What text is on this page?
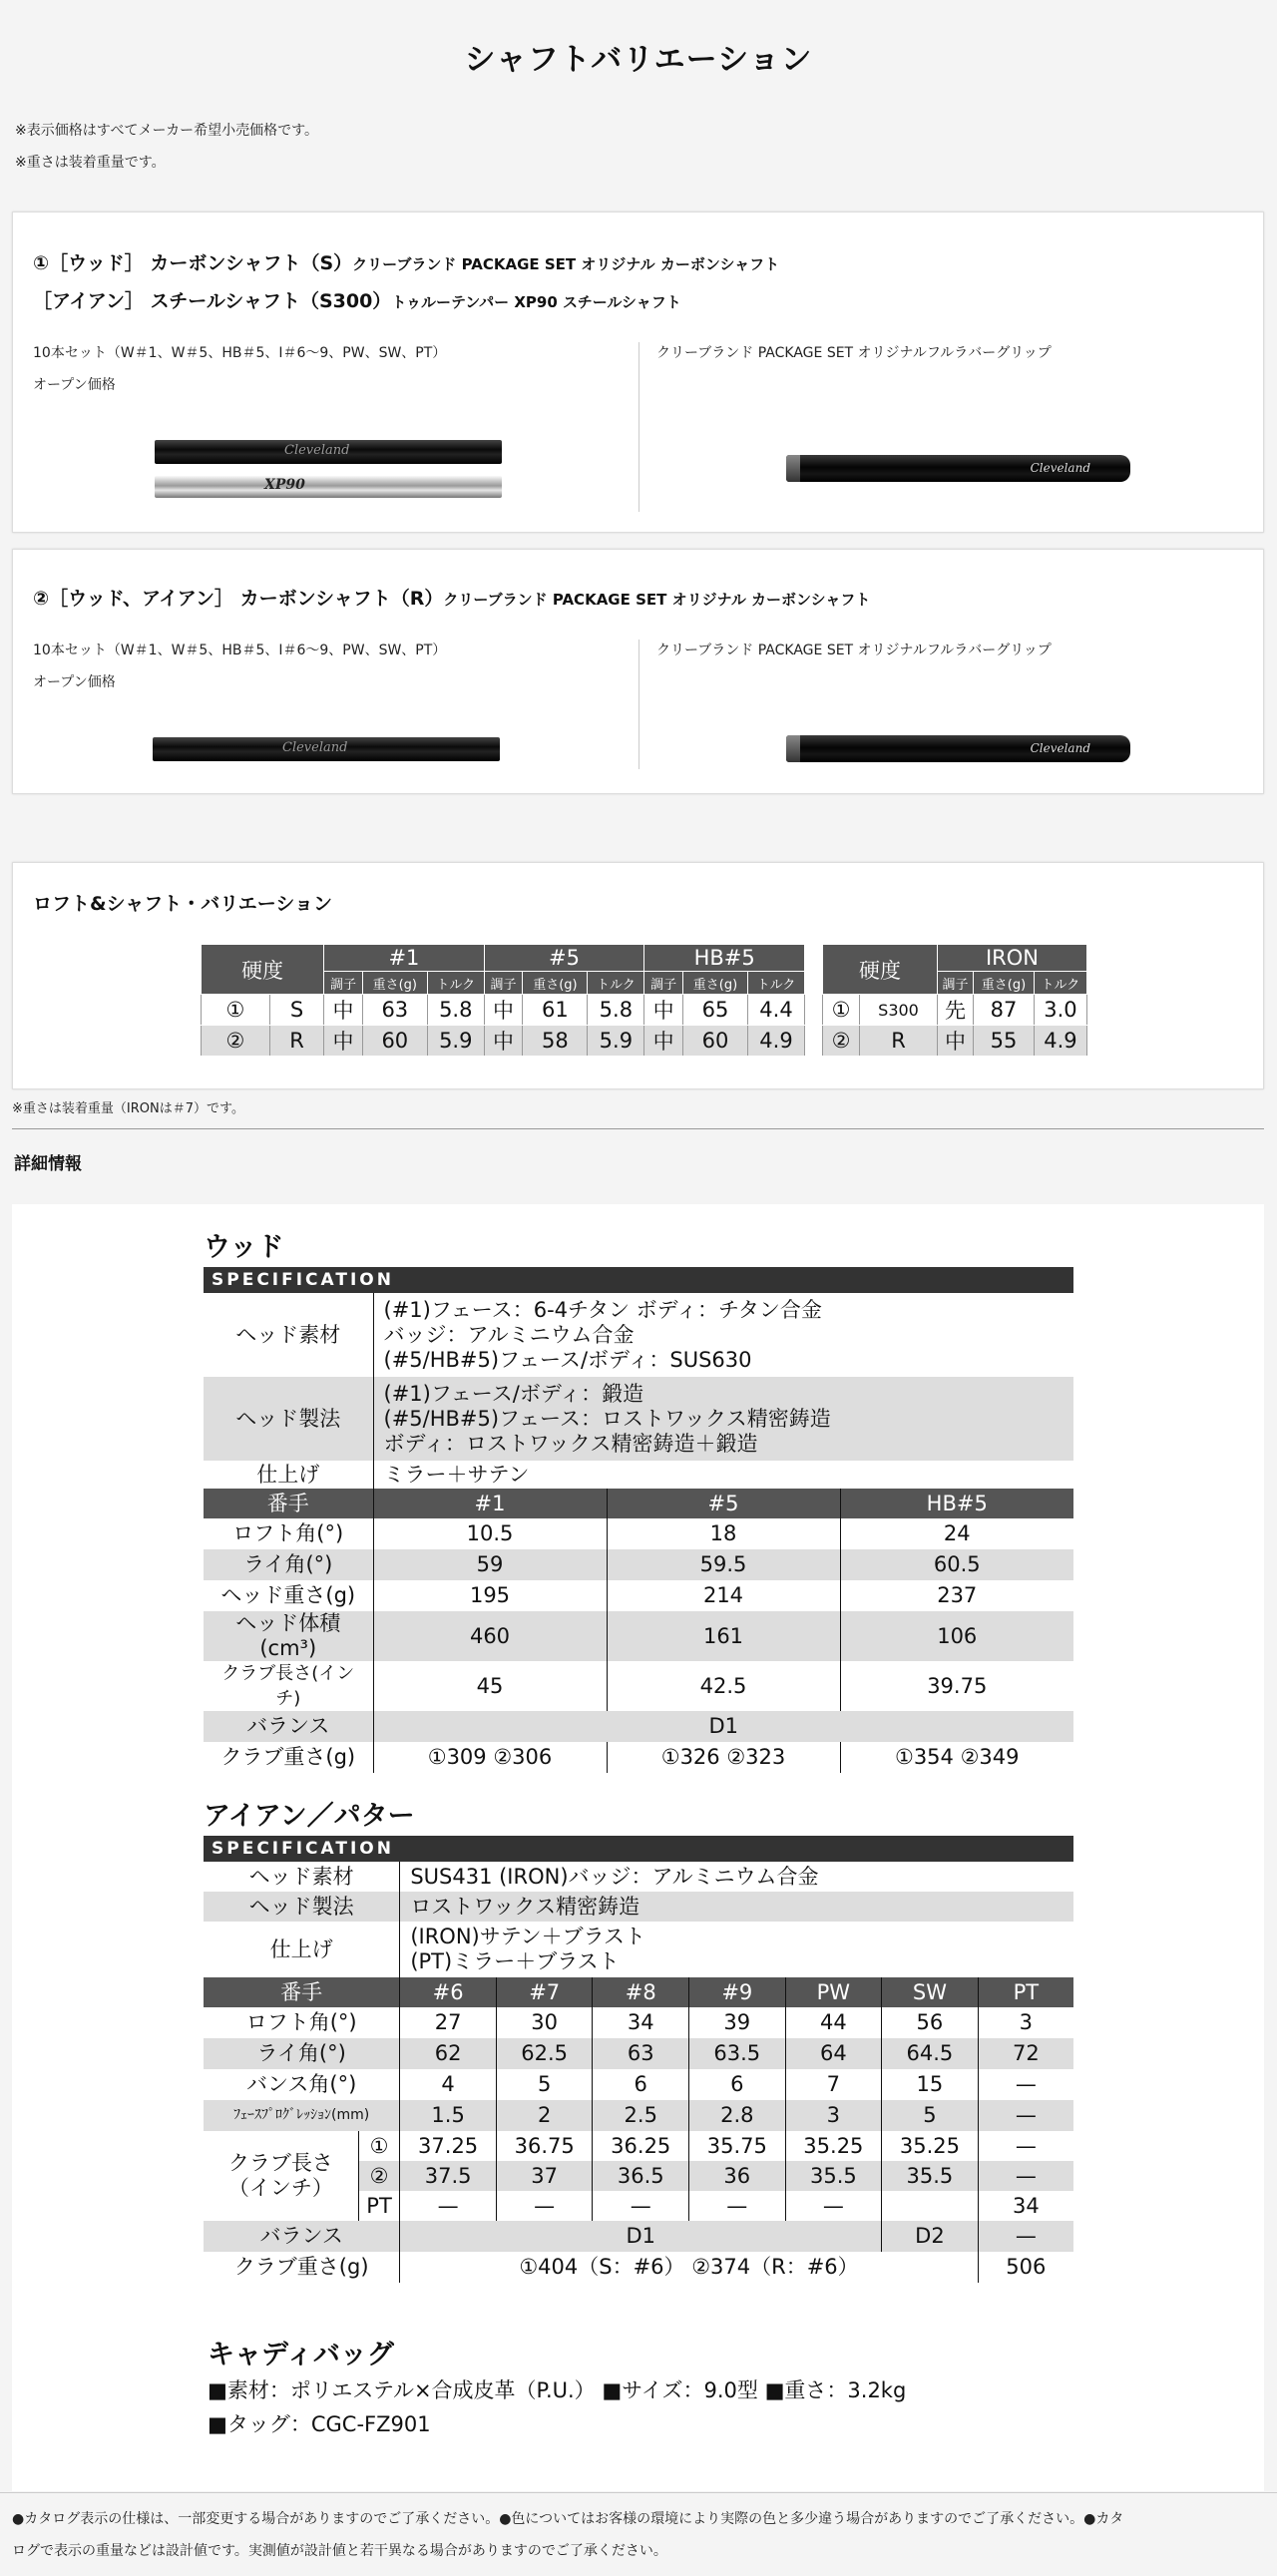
シャフトバリエーション
※表示価格はすべてメーカー希望小売価格です。
※重さは装着重量です。
①［ウッド］ カーボンシャフト（S）クリーブランド PACKAGE SET オリジナル カーボンシャフト
［アイアン］ スチールシャフト（S300）トゥルーテンパー XP90 スチールシャフト
10本セット（W＃1、W＃5、HB＃5、I＃6〜9、PW、SW、PT）
オープン価格
クリーブランド PACKAGE SET オリジナルフルラバーグリップ
Cleveland
XP90
Cleveland
②［ウッド、アイアン］ カーボンシャフト（R）クリーブランド PACKAGE SET オリジナル カーボンシャフト
10本セット（W＃1、W＃5、HB＃5、I＃6〜9、PW、SW、PT）
オープン価格
クリーブランド PACKAGE SET オリジナルフルラバーグリップ
Cleveland	Cleveland
ロフト&シャフト・バリエーション
硬度		#1			#5			HB#5		
		調子	重さ(g)	トルク	調子	重さ(g)	トルク	調子	重さ(g)	トルク
①	S	中	63	5.8	中	61	5.8	中	65	4.4
②	R	中	60	5.9	中	58	5.9	中	60	4.9
硬度		IRON		
		調子	重さ(g)	トルク
①	S300	先	87	3.0
②	R	中	55	4.9
※重さは装着重量（IRONは＃7）です。
詳細情報
ウッド
SPECIFICATION
ヘッド素材	(#1)フェース：6-4チタン ボディ：チタン合金
バッジ：アルミニウム合金
(#5/HB#5)フェース/ボディ：SUS630		

ヘッド製法	(#1)フェース/ボディ：鍛造
(#5/HB#5)フェース：ロストワックス精密鋳造
ボディ：ロストワックス精密鋳造＋鍛造		

仕上げ	ミラー＋サテン		
番手	#1	#5	HB#5
ロフト角(°)	10.5	18	24
ライ角(°)	59	59.5	60.5
ヘッド重さ(g)	195	214	237
ヘッド体積(cm³)	460	161	106
クラブ長さ(インチ)	45	42.5	39.75
バランス	D1		
クラブ重さ(g)	①309 ②306	①326 ②323	①354 ②349
アイアン／パター
SPECIFICATION
ヘッド素材		SUS431 (IRON)バッジ：アルミニウム合金						
ヘッド製法		ロストワックス精密鋳造						
仕上げ		(IRON)サテン＋ブラスト
(PT)ミラー＋ブラスト						

番手		#6	#7	#8	#9	PW	SW	PT
ロフト角(°)		27	30	34	39	44	56	3
ライ角(°)		62	62.5	63	63.5	64	64.5	72
バンス角(°)		4	5	6	6	7	15	—
ﾌｪｰｽﾌﾟﾛｸﾞﾚｯｼｮﾝ(mm)		1.5	2	2.5	2.8	3	5	—

クラブ長さ
（インチ）	①	37.25	36.75	36.25	35.75	35.25	35.25	—
	②	37.5	37	36.5	36	35.5	35.5	—
	PT	—	—	—	—	—		34
バランス		D1					D2	—
クラブ重さ(g)		①404（S：#6） ②374（R：#6）						506
キャディバッグ
■素材：ポリエステル×合成皮革（P.U.） ■サイズ：9.0型 ■重さ：3.2kg
■タッグ：CGC-FZ901
●カタログ表示の仕様は、一部変更する場合がありますのでご了承ください。●色についてはお客様の環境により実際の色と多少違う場合がありますのでご了承ください。●カタ
ログで表示の重量などは設計値です。実測値が設計値と若干異なる場合がありますのでご了承ください。
